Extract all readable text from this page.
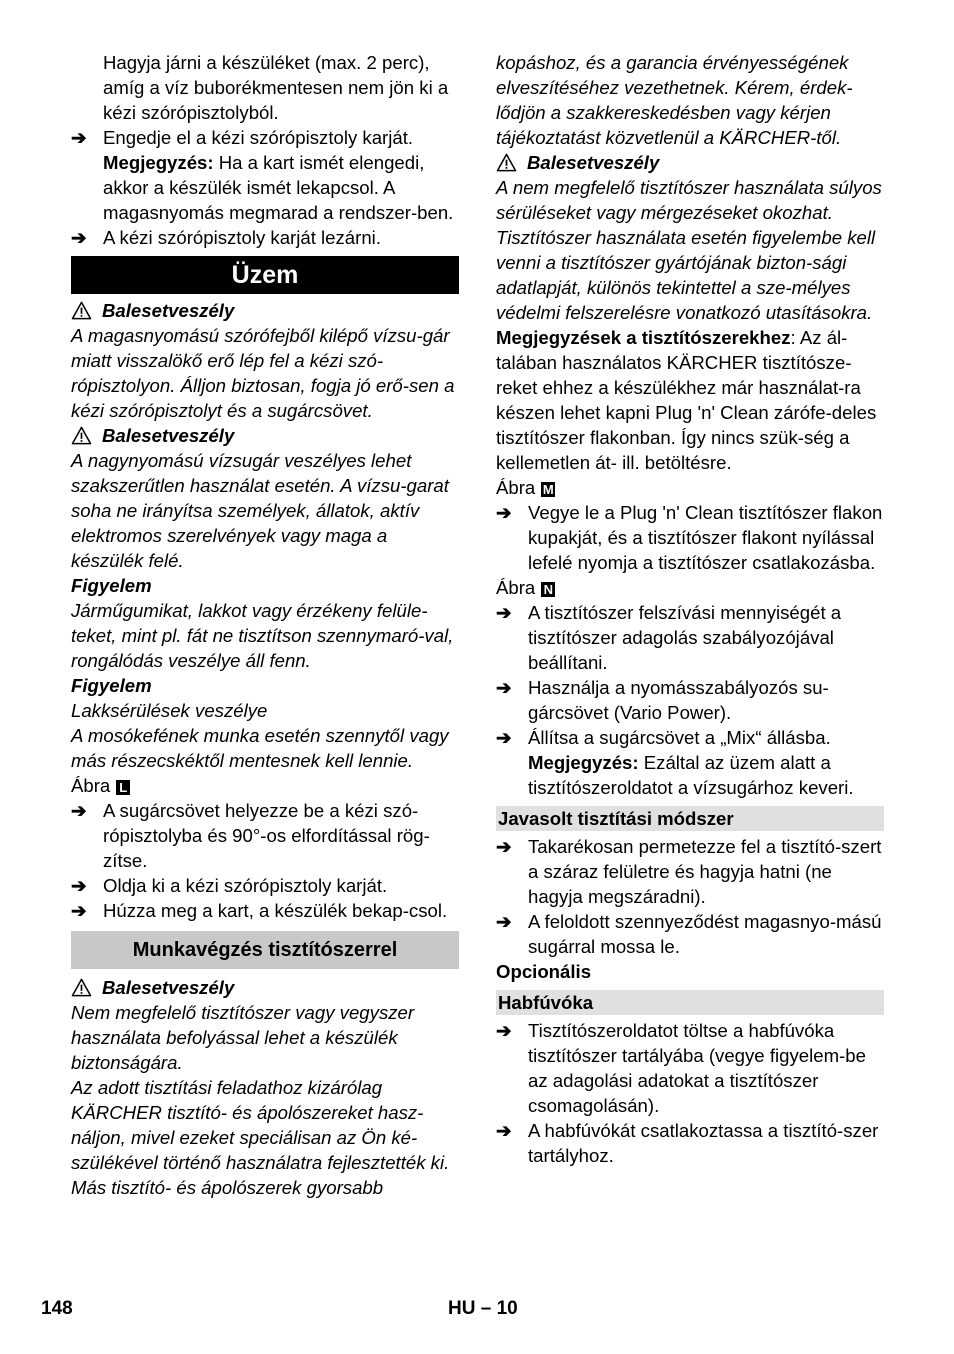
Hagyja járni a készüléket (max. 2 perc), amíg a víz buborékmentesen nem jön ki a kézi szórópisztolyból.

➔ Engedje el a kézi szórópisztoly karját.
Megjegyzés: Ha a kart ismét elengedi, akkor a készülék ismét lekapcsol. A magasnyomás megmarad a rendszer-ben.
➔ A kézi szórópisztoly karját lezárni.
Üzem
Balesetveszély

A magasnyomású szórófejből kilépő vízsu-gár miatt visszalökő erő lép fel a kézi szó-rópisztolyon. Álljon biztosan, fogja jó erő-sen a kézi szórópisztolyt és a sugárcsövet.

Balesetveszély

A nagynyomású vízsugár veszélyes lehet szakszerűtlen használat esetén. A vízsu-garat soha ne irányítsa személyek, állatok, aktív elektromos szerelvények vagy maga a készülék felé.

Figyelem

Járműgumikat, lakkot vagy érzékeny felüle-teket, mint pl. fát ne tisztítson szennymaró-val, rongálódás veszélye áll fenn.

Figyelem

Lakksérülések veszélye

A mosókefének munka esetén szennytől vagy más részecskéktől mentesnek kell lennie.

Ábra L

➔ A sugárcsövet helyezze be a kézi szó-rópisztolyba és 90°-os elfordítással rög-zítse.
➔ Oldja ki a kézi szórópisztoly karját.
➔ Húzza meg a kart, a készülék bekap-csol.
Munkavégzés tisztítószerrel
Balesetveszély

Nem megfelelő tisztítószer vagy vegyszer használata befolyással lehet a készülék biztonságára.

Az adott tisztítási feladathoz kizárólag KÄRCHER tisztító- és ápolószereket hasz-náljon, mivel ezeket speciálisan az Ön ké-szülékével történő használatra fejlesztették ki. Más tisztító- és ápolószerek gyorsabb

kopáshoz, és a garancia érvényességének elveszítéséhez vezethetnek. Kérem, érdek-lődjön a szakkereskedésben vagy kérjen tájékoztatást közvetlenül a KÄRCHER-től.

Balesetveszély

A nem megfelelő tisztítószer használata súlyos sérüléseket vagy mérgezéseket okozhat.

Tisztítószer használata esetén figyelembe kell venni a tisztítószer gyártójának bizton-sági adatlapját, különös tekintettel a sze-mélyes védelmi felszerelésre vonatkozó utasításokra.

Megjegyzések a tisztítószerekhez: Az ál-talában használatos KÄRCHER tisztítósze-reket ehhez a készülékhez már használat-ra készen lehet kapni Plug 'n' Clean zárófe-deles tisztítószer flakonban. Így nincs szük-ség a kellemetlen át- ill. betöltésre.

Ábra M

➔ Vegye le a Plug 'n' Clean tisztítószer flakon kupakját, és a tisztítószer flakont nyílással lefelé nyomja a tisztítószer csatlakozásba.

Ábra N

➔ A tisztítószer felszívási mennyiségét a tisztítószer adagolás szabályozójával beállítani.
➔ Használja a nyomásszabályozós su-gárcsövet (Vario Power).
➔ Állítsa a sugárcsövet a „Mix“ állásba.
Megjegyzés: Ezáltal az üzem alatt a tisztítószeroldatot a vízsugárhoz keveri.
Javasolt tisztítási módszer
➔ Takarékosan permetezze fel a tisztító-szert a száraz felületre és hagyja hatni (ne hagyja megszáradni).
➔ A feloldott szennyeződést magasnyo-mású sugárral mossa le.

Opcionális

Habfúvóka
➔ Tisztítószeroldatot töltse a habfúvóka tisztítószer tartályába (vegye figyelem-be az adagolási adatokat a tisztítószer csomagolásán).
➔ A habfúvókát csatlakoztassa a tisztító-szer tartályhoz.
148	HU – 10
